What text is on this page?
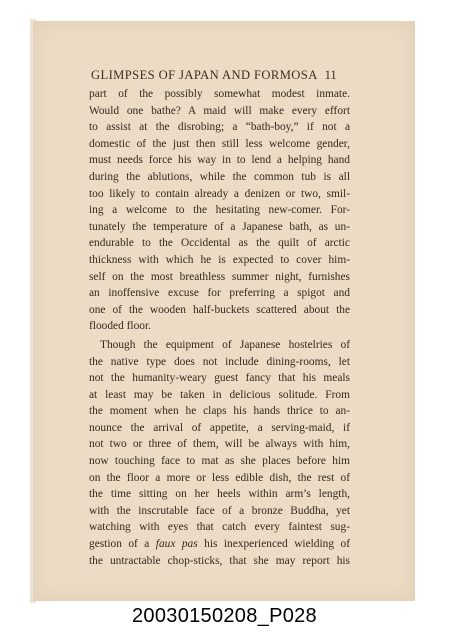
GLIMPSES OF JAPAN AND FORMOSA 11
part of the possibly somewhat modest inmate.
Would one bathe? A maid will make every effort
to assist at the disrobing; a “bath-boy,” if not a
domestic of the just then still less welcome gender,
must needs force his way in to lend a helping hand
during the ablutions, while the common tub is all
too likely to contain already a denizen or two, smil-
ing a welcome to the hesitating new-comer. For-
tunately the temperature of a Japanese bath, as un-
endurable to the Occidental as the quilt of arctic
thickness with which he is expected to cover him-
self on the most breathless summer night, furnishes
an inoffensive excuse for preferring a spigot and
one of the wooden half-buckets scattered about the
flooded floor.
Though the equipment of Japanese hostelries of
the native type does not include dining-rooms, let
not the humanity-weary guest fancy that his meals
at least may be taken in delicious solitude. From
the moment when he claps his hands thrice to an-
nounce the arrival of appetite, a serving-maid, if
not two or three of them, will be always with him,
now touching face to mat as she places before him
on the floor a more or less edible dish, the rest of
the time sitting on her heels within arm’s length,
with the inscrutable face of a bronze Buddha, yet
watching with eyes that catch every faintest sug-
gestion of a faux pas his inexperienced wielding of
the untractable chop-sticks, that she may report his
20030150208_P028
